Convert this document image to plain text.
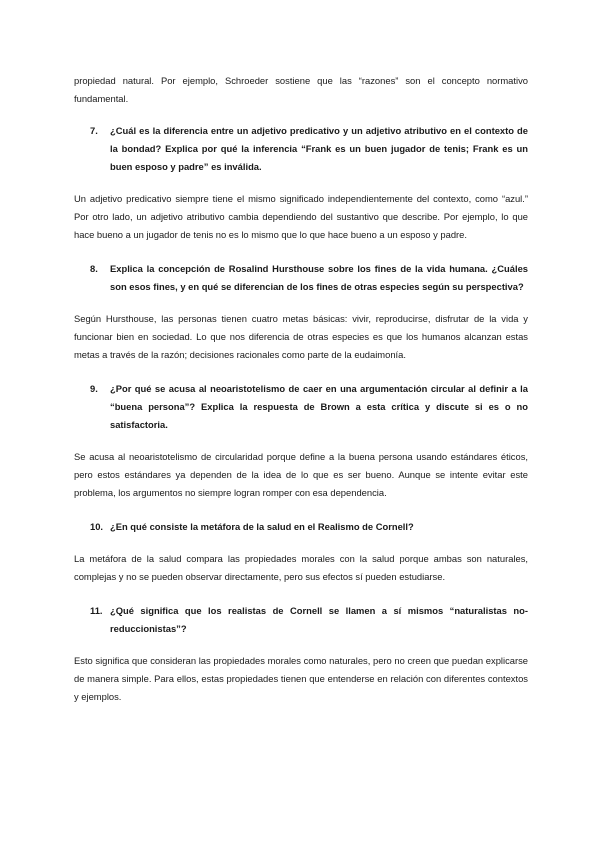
propiedad natural. Por ejemplo, Schroeder sostiene que las “razones” son el concepto normativo fundamental.

7.	¿Cuál es la diferencia entre un adjetivo predicativo y un adjetivo atributivo en el contexto de la bondad? Explica por qué la inferencia “Frank es un buen jugador de tenis; Frank es un buen esposo y padre” es inválida.

Un adjetivo predicativo siempre tiene el mismo significado independientemente del contexto, como “azul.” Por otro lado, un adjetivo atributivo cambia dependiendo del sustantivo que describe. Por ejemplo, lo que hace bueno a un jugador de tenis no es lo mismo que lo que hace bueno a un esposo y padre.

8.	Explica la concepción de Rosalind Hursthouse sobre los fines de la vida humana. ¿Cuáles son esos fines, y en qué se diferencian de los fines de otras especies según su perspectiva?

Según Hursthouse, las personas tienen cuatro metas básicas: vivir, reproducirse, disfrutar de la vida y funcionar bien en sociedad. Lo que nos diferencia de otras especies es que los humanos alcanzan estas metas a través de la razón; decisiones racionales como parte de la eudaimonía.

9.	¿Por qué se acusa al neoaristotelismo de caer en una argumentación circular al definir a la “buena persona”? Explica la respuesta de Brown a esta crítica y discute si es o no satisfactoria.

Se acusa al neoaristotelismo de circularidad porque define a la buena persona usando estándares éticos, pero estos estándares ya dependen de la idea de lo que es ser bueno. Aunque se intente evitar este problema, los argumentos no siempre logran romper con esa dependencia.

10. ¿En qué consiste la metáfora de la salud en el Realismo de Cornell?

La metáfora de la salud compara las propiedades morales con la salud porque ambas son naturales, complejas y no se pueden observar directamente, pero sus efectos sí pueden estudiarse.

11. ¿Qué significa que los realistas de Cornell se llamen a sí mismos “naturalistas no-reduccionistas”?

Esto significa que consideran las propiedades morales como naturales, pero no creen que puedan explicarse de manera simple. Para ellos, estas propiedades tienen que entenderse en relación con diferentes contextos y ejemplos.
